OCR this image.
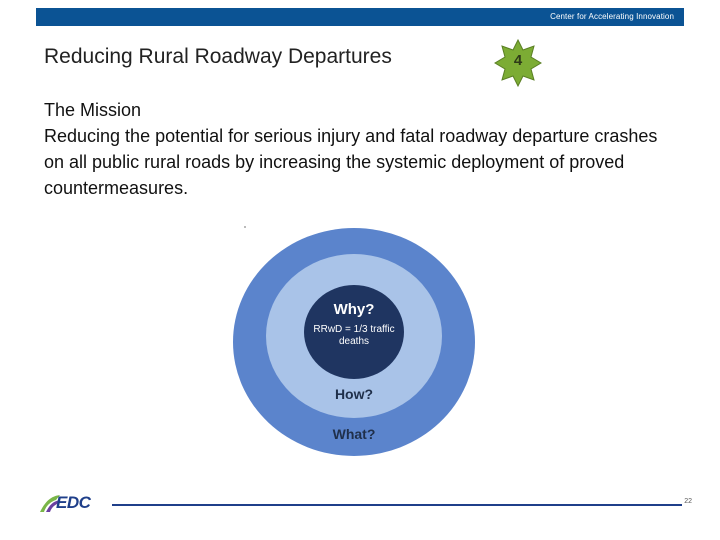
Center for Accelerating Innovation
Reducing Rural Roadway Departures	4
The Mission
Reducing the potential for serious injury and fatal roadway departure crashes on all public rural roads by increasing the systemic deployment of proved countermeasures.
Why?
RRwD = 1/3 traffic deaths
How?
What?
EDC	22
